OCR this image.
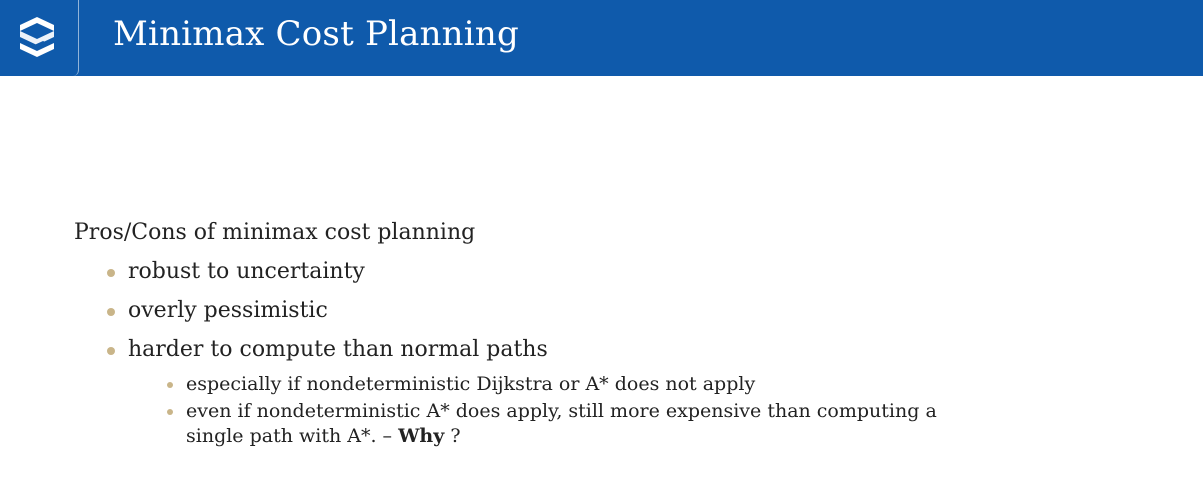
Minimax Cost Planning

Pros/Cons of minimax cost planning

robust to uncertainty
overly pessimistic
harder to compute than normal paths
especially if nondeterministic Dijkstra or A* does not apply
even if nondeterministic A* does apply, still more expensive than computing a single path with A*. – Why ?
